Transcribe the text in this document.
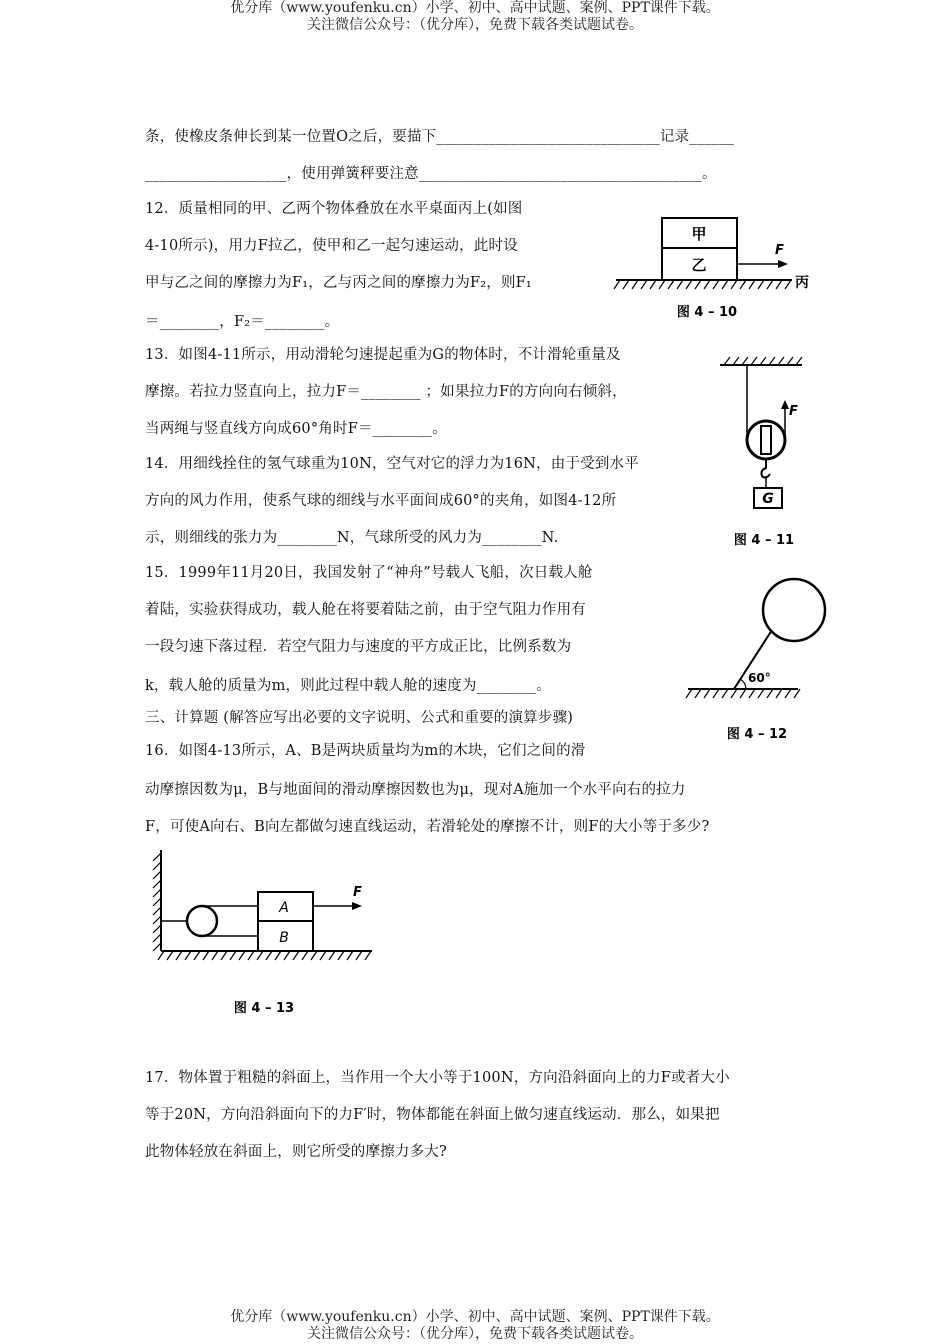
优分库（www.youfenku.cn）小学、初中、高中试题、案例、PPT课件下载。
关注微信公众号：（优分库），免费下载各类试题试卷。
条，使橡皮条伸长到某一位置O之后，要描下______________________________记录______
___________________，使用弹簧秤要注意______________________________________。
12．质量相同的甲、乙两个物体叠放在水平桌面丙上(如图
4-10所示)，用力F拉乙，使甲和乙一起匀速运动，此时设
甲与乙之间的摩擦力为F₁，乙与丙之间的摩擦力为F₂，则F₁
＝________，F₂＝________。
13．如图4-11所示，用动滑轮匀速提起重为G的物体时，不计滑轮重量及
摩擦。若拉力竖直向上，拉力F＝________ ；如果拉力F的方向向右倾斜，
当两绳与竖直线方向成60°角时F＝________。
14．用细线拴住的氢气球重为10N，空气对它的浮力为16N，由于受到水平
方向的风力作用，使系气球的细线与水平面间成60°的夹角，如图4-12所
示，则细线的张力为________N，气球所受的风力为________N.
15．1999年11月20日，我国发射了“神舟”号载人飞船，次日载人舱
着陆，实验获得成功，载人舱在将要着陆之前，由于空气阻力作用有
一段匀速下落过程．若空气阻力与速度的平方成正比，比例系数为
k，载人舱的质量为m，则此过程中载人舱的速度为________。
三、计算题 (解答应写出必要的文字说明、公式和重要的演算步骤)
16．如图4-13所示，A、B是两块质量均为m的木块，它们之间的滑
动摩擦因数为μ，B与地面间的滑动摩擦因数也为μ，现对A施加一个水平向右的拉力
F，可使A向右、B向左都做匀速直线运动，若滑轮处的摩擦不计，则F的大小等于多少?
17．物体置于粗糙的斜面上，当作用一个大小等于100N，方向沿斜面向上的力F或者大小
等于20N，方向沿斜面向下的力F′时，物体都能在斜面上做匀速直线运动．那么，如果把
此物体轻放在斜面上，则它所受的摩擦力多大?
甲
乙
F
丙
图 4 – 10
F
G
图 4 – 11
60°
图 4 – 12
A
B
F
图 4 – 13
优分库（www.youfenku.cn）小学、初中、高中试题、案例、PPT课件下载。
关注微信公众号：（优分库），免费下载各类试题试卷。
